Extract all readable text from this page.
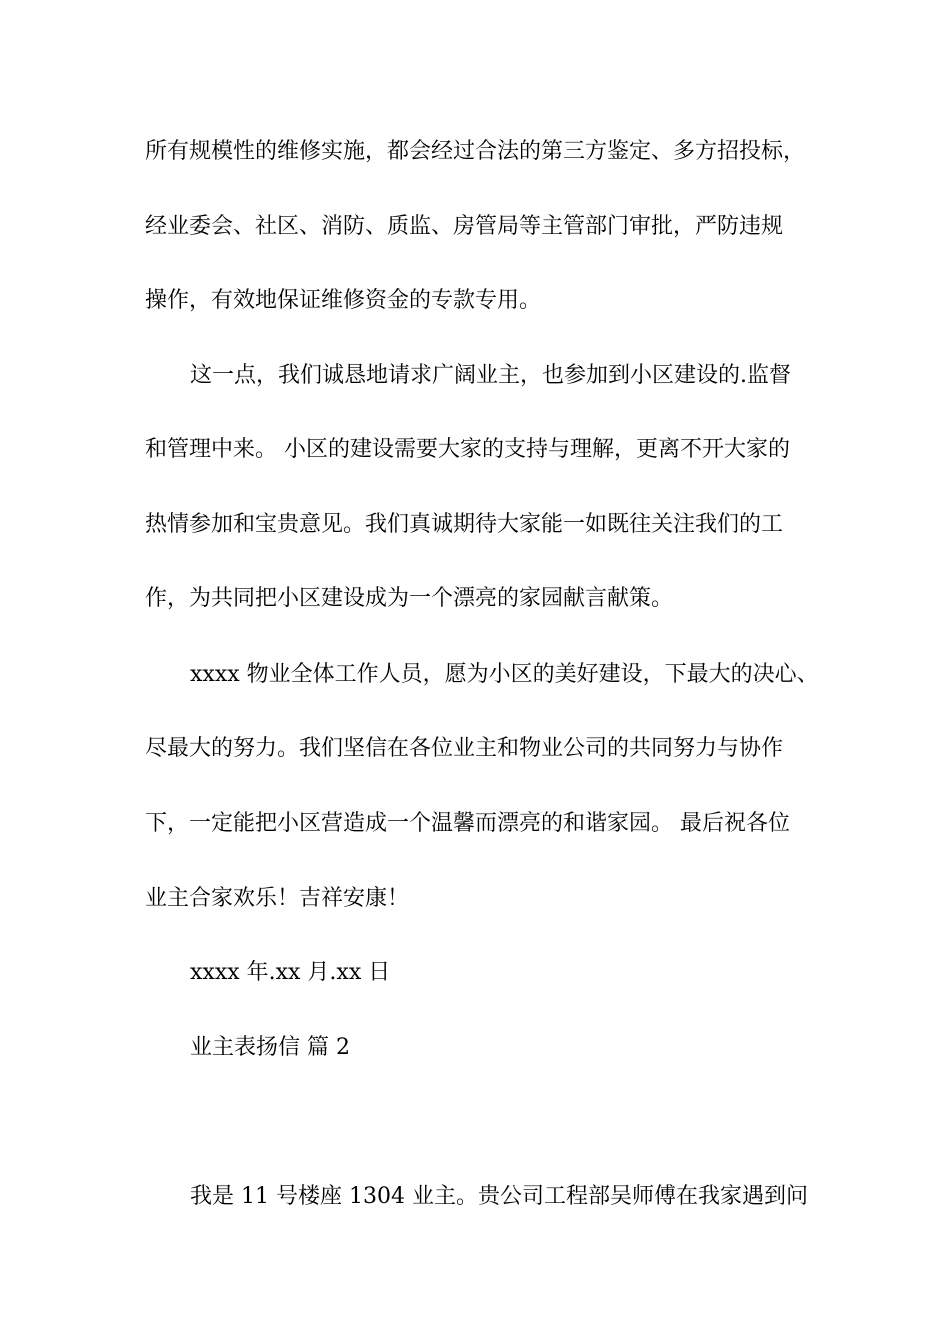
所有规模性的维修实施，都会经过合法的第三方鉴定、多方招投标，

经业委会、社区、消防、质监、房管局等主管部门审批，严防违规

操作，有效地保证维修资金的专款专用。

这一点，我们诚恳地请求广阔业主，也参加到小区建设的.监督

和管理中来。 小区的建设需要大家的支持与理解，更离不开大家的

热情参加和宝贵意见。我们真诚期待大家能一如既往关注我们的工

作，为共同把小区建设成为一个漂亮的家园献言献策。

xxxx 物业全体工作人员，愿为小区的美好建设，下最大的决心、

尽最大的努力。我们坚信在各位业主和物业公司的共同努力与协作

下，一定能把小区营造成一个温馨而漂亮的和谐家园。 最后祝各位

业主合家欢乐！吉祥安康！

xxxx 年.xx 月.xx 日

业主表扬信 篇 2

我是 11 号楼座 1304 业主。贵公司工程部吴师傅在我家遇到问
